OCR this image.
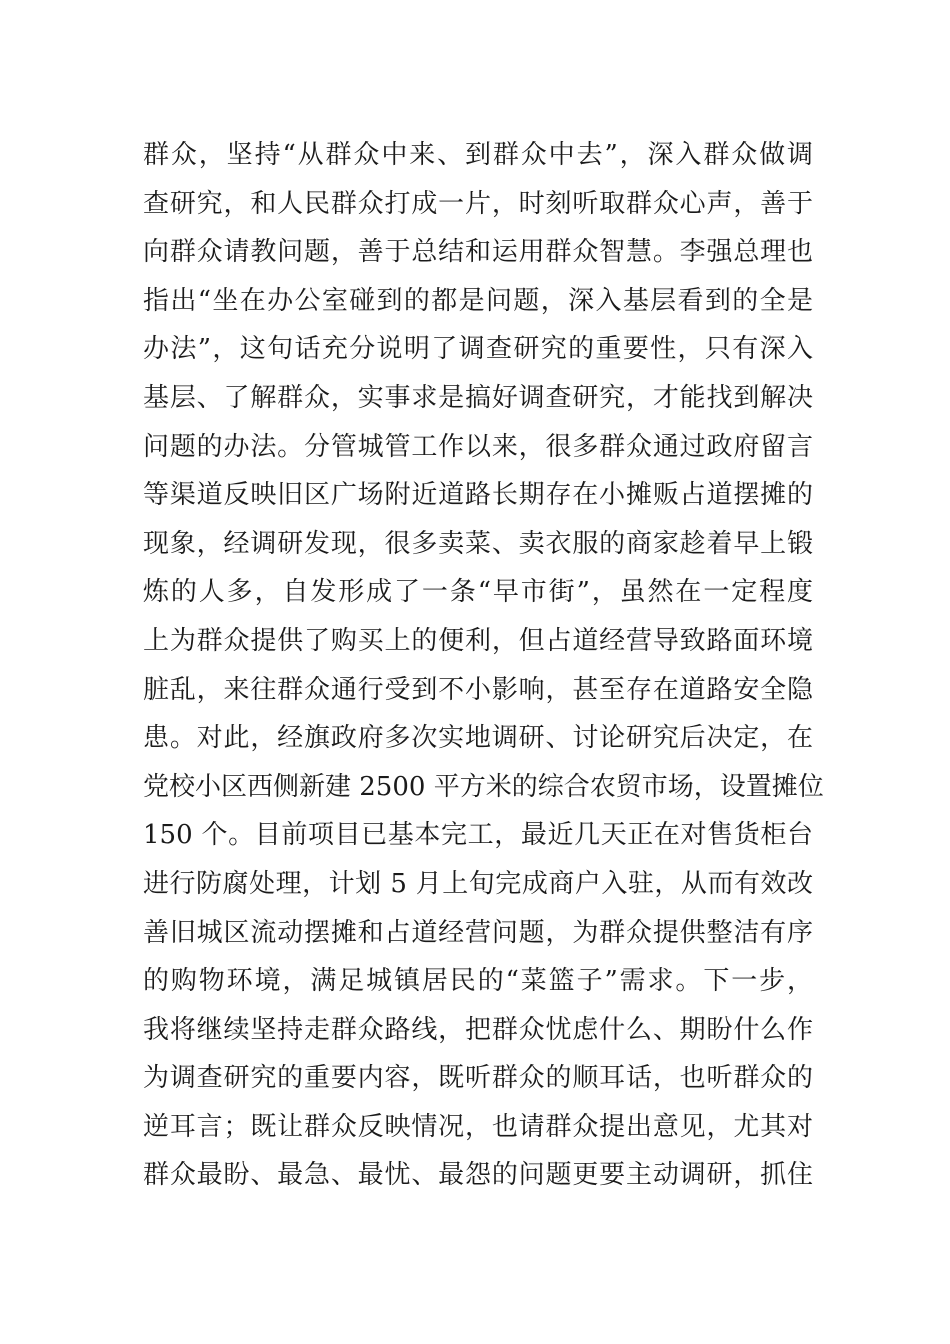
群众，坚持“从群众中来、到群众中去”，深入群众做调
查研究，和人民群众打成一片，时刻听取群众心声，善于
向群众请教问题，善于总结和运用群众智慧。李强总理也
指出“坐在办公室碰到的都是问题，深入基层看到的全是
办法”，这句话充分说明了调查研究的重要性，只有深入
基层、了解群众，实事求是搞好调查研究，才能找到解决
问题的办法。分管城管工作以来，很多群众通过政府留言
等渠道反映旧区广场附近道路长期存在小摊贩占道摆摊的
现象，经调研发现，很多卖菜、卖衣服的商家趁着早上锻
炼的人多，自发形成了一条“早市街”，虽然在一定程度
上为群众提供了购买上的便利，但占道经营导致路面环境
脏乱，来往群众通行受到不小影响，甚至存在道路安全隐
患。对此，经旗政府多次实地调研、讨论研究后决定，在
党校小区西侧新建 2500 平方米的综合农贸市场，设置摊位
150 个。目前项目已基本完工，最近几天正在对售货柜台
进行防腐处理，计划 5 月上旬完成商户入驻，从而有效改
善旧城区流动摆摊和占道经营问题，为群众提供整洁有序
的购物环境，满足城镇居民的“菜篮子”需求。下一步，
我将继续坚持走群众路线，把群众忧虑什么、期盼什么作
为调查研究的重要内容，既听群众的顺耳话，也听群众的
逆耳言；既让群众反映情况，也请群众提出意见，尤其对
群众最盼、最急、最忧、最怨的问题更要主动调研，抓住
